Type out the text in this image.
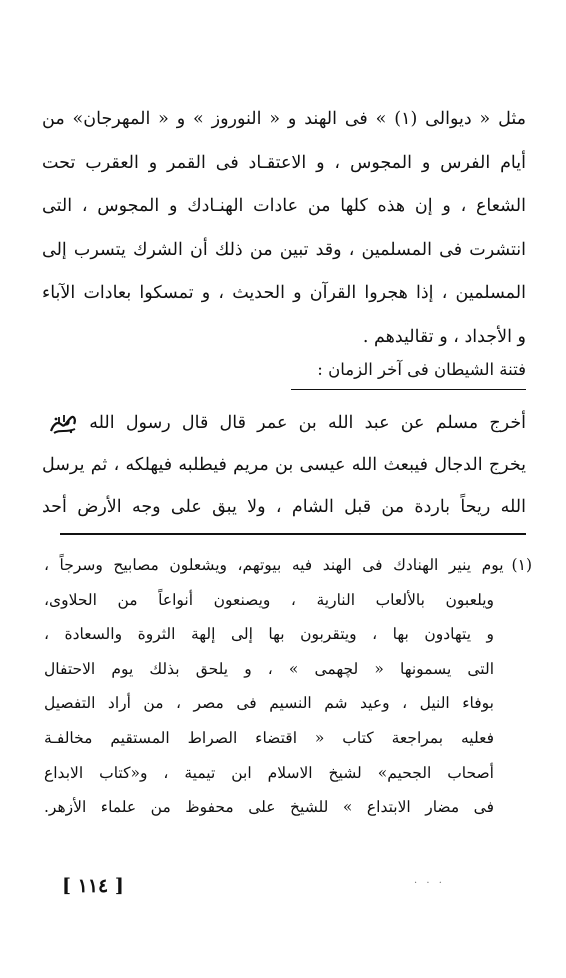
مثل « ديوالى (١) » فى الهند و « النوروز » و « المهرجان» من
أيام الفرس و المجوس ، و الاعتقـاد فى القمر و العقرب تحت
الشعاع ، و إن هذه كلها من عادات الهنـادك و المجوس ، التى
انتشرت فى المسلمين ، وقد تبين من ذلك أن الشرك يتسرب إلى
المسلمين ، إذا هجروا القرآن و الحديث ، و تمسكوا بعادات الآباء
و الأجداد ، و تقاليدهم .
فتنة الشيطان فى آخر الزمان :
أخرج مسلم عن عبد الله بن عمر قال قال رسول الله
يخرج الدجال فيبعث الله عيسى بن مريم فيطلبه فيهلكه ، ثم يرسل
الله ريحاً باردة من قبل الشام ، ولا يبق على وجه الأرض أحد
(١)يوم ينير الهنادك فى الهند فيه بيوتهم، ويشعلون مصابيح وسرجاً ،
ويلعبون بالألعاب النارية ، ويصنعون أنواعاً من الحلاوى،
و يتهادون بها ، ويتقربون بها إلى إلهة الثروة والسعادة ،
التى يسمونها « لچهمى » ، و يلحق بذلك يوم الاحتفال
بوفاء النيل ، وعيد شم النسيم فى مصر ، من أراد التفصيل
فعليه بمراجعة كتاب « اقتضاء الصراط المستقيم مخالفـة
أصحاب الجحيم» لشيخ الاسلام ابن تيمية ، و«كتاب الابداع
فى مضار الابتداع » للشيخ على محفوظ من علماء الأزهر.
[ ١١٤ ]	· · ·
